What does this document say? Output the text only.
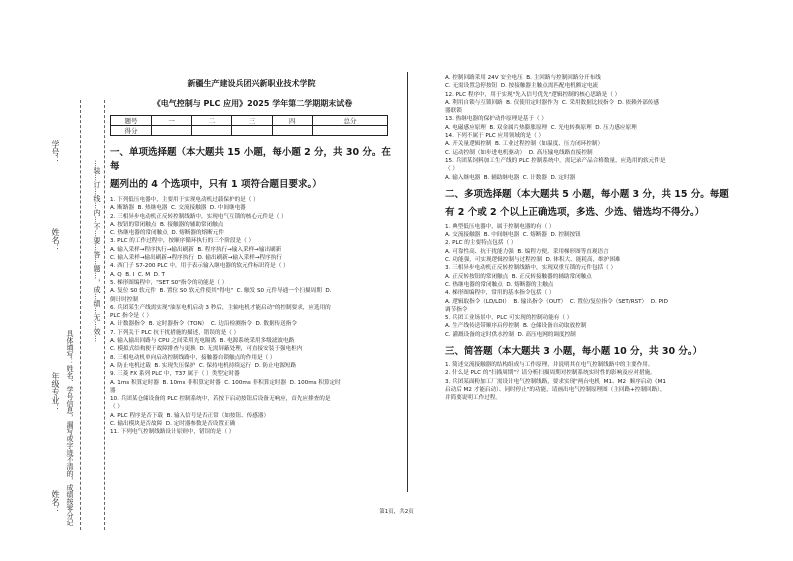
学号：
姓名：	…装…订…线…内…不…要…答…题…，成…绩…无…效…
具体填写：姓名、学号信息，漏写或字迹不清的，成绩按零分记
年级专业：
姓名：
新疆生产建设兵团兴新职业技术学院
《电气控制与 PLC 应用》2025 学年第二学期期末试卷
题号	一	二	三	四	总分
得分					
一、单项选择题（本大题共 15 小题，每小题 2 分，共 30 分。在每
题列出的 4 个选项中，只有 1 项符合题目要求。）
1. 下列低压电器中，主要用于实现电动机过载保护的是（ ）
A. 断路器  B. 热继电器  C. 交流接触器  D. 中间继电器
2. 三相异步电动机正反转控制线路中，实现电气互锁的核心元件是（ ）
A. 按钮的常闭触点  B. 接触器的辅助常闭触点
C. 热继电器的常闭触点  D. 熔断器的熔断元件
3. PLC 的工作过程中，按顺序循环执行的三个阶段是（ ）
A. 输入采样→程序执行→输出刷新  B. 程序执行→输入采样→输出刷新
C. 输入采样→输出刷新→程序执行  D. 输出刷新→输入采样→程序执行
4. 西门子 S7-200 PLC 中，用于表示输入继电器的软元件标识符是（ ）
A. Q  B. I  C. M  D. T
5. 梯形图编程中，"SET S0"指令的功能是（ ）
A. 复位 S0 软元件  B. 置位 S0 软元件使其"得电"  C. 触发 S0 元件导通一个扫描周期  D.
倒计时控制
6. 兵团某生产线需实现"油泵电机启动 3 秒后，主轴电机才能启动"的控制要求，应选用的
PLC 指令是（ ）
A. 计数器指令  B. 定时器指令（TON）  C. 边沿检测指令  D. 数据传送指令
7. 下列关于 PLC 抗干扰措施的描述，错误的是（ ）
A. 输入输出回路与 CPU 之间采用光电隔离  B. 电源系统采用多级滤波电路
C. 模拟式结构便于故障排查与更换  D. 无需屏蔽处理，可直接安装于强电柜内
8. 三相电动机单向启动控制线路中，接触器自锁触点的作用是（ ）
A. 防止电机过载  B. 实现失压保护  C. 保持电机持续运行  D. 防止电源短路
9. 三菱 FX 系列 PLC 中，T37 属于（ ）类型定时器
A. 1ms 积算定时器  B. 10ms 非积算定时器  C. 100ms 非积算定时器  D. 100ms 积算定时
器
10. 兵团某仓储设备的 PLC 控制系统中，若按下启动按钮后设备无响应，首先应排查的是
（ ）
A. PLC 程序是否下载  B. 输入信号是否正常（如按钮、传感器）
C. 输出模块是否故障  D. 定时器参数是否设置正确
11. 下列电气控制线路设计原则中，错误的是（ ）
A. 控制回路采用 24V 安全电压  B. 主回路与控制回路分开布线
C. 无需设置急停按钮  D. 按接触器主触点需匹配电机额定电流
12. PLC 程序中，用于实现"先入信号优先"逻辑控制的核心思路是（ ）
A. 利用自锁与互锁回路  B. 仅使用定时器作为  C. 采用数据比较指令  D. 依赖外部传感
器联锁
13. 热继电器的保护动作原理是基于（ ）
A. 电磁感应原理  B. 双金属片热膨胀原理  C. 光电转换原理  D. 压力感应原理
14. 下列不属于 PLC 应用领域的是（ ）
A. 开关量逻辑控制  B. 工业过程控制（如温度、压力闭环控制）
C. 运动控制（如步进电机驱动）  D. 高压输电线路直接控制
15. 兵团某饲料加工生产线的 PLC 控制系统中，需记录产品合格数量，应选用的软元件是
（ ）
A. 输入继电器  B. 辅助继电器  C. 计数器  D. 定时器
二、多项选择题（本大题共 5 小题，每小题 3 分，共 15 分。每题
有 2 个或 2 个以上正确选项，多选、少选、错选均不得分。）
1. 典型低压电器中，属于控制电器的有（ ）
A. 交流接触器  B. 中间继电器  C. 熔断器  D. 控制按钮
2. PLC 的主要特点包括（ ）
A. 可靠性高、抗干扰能力强  B. 编程方便，采用梯形图等直观语言
C. 功能强，可实现逻辑控制与过程控制  D. 体积大、能耗高，维护困难
3. 三相异步电动机正反转控制线路中，实现双重互锁的元件包括（ ）
A. 正反转按钮的常闭触点  B. 正反转接触器的辅助常闭触点
C. 热继电器的常闭触点  D. 熔断器的主触点
4. 梯形图编程中，常用的基本指令包括（ ）
A. 逻辑取指令（LD/LDI）  B. 输出指令（OUT）  C. 置位/复位指令（SET/RST）  D. PID
调节指令
5. 兵团工业场景中，PLC 可实现的控制功能有（ ）
A. 生产线传送带顺序启停控制  B. 仓储设备自动取放控制
C. 灌溉设备的定时供水控制  D. 高压电网的调度控制
三、简答题（本大题共 3 小题，每小题 10 分，共 30 分。）
1. 简述交流接触器的结构组成与工作原理，并说明其在电气控制线路中的主要作用。
2. 什么是 PLC 的"扫描周期"？请分析扫描周期对控制系统实时性的影响及应对措施。
3. 兵团某面粉加工厂需设计电气控制线路，要求实现"两台电机  M1、M2  顺序启动（M1
启动后 M2 才能启动）、同时停止"的功能，请画出电气控制原理图（主回路+控制回路），
并简要说明工作过程。
第1页，共2页
